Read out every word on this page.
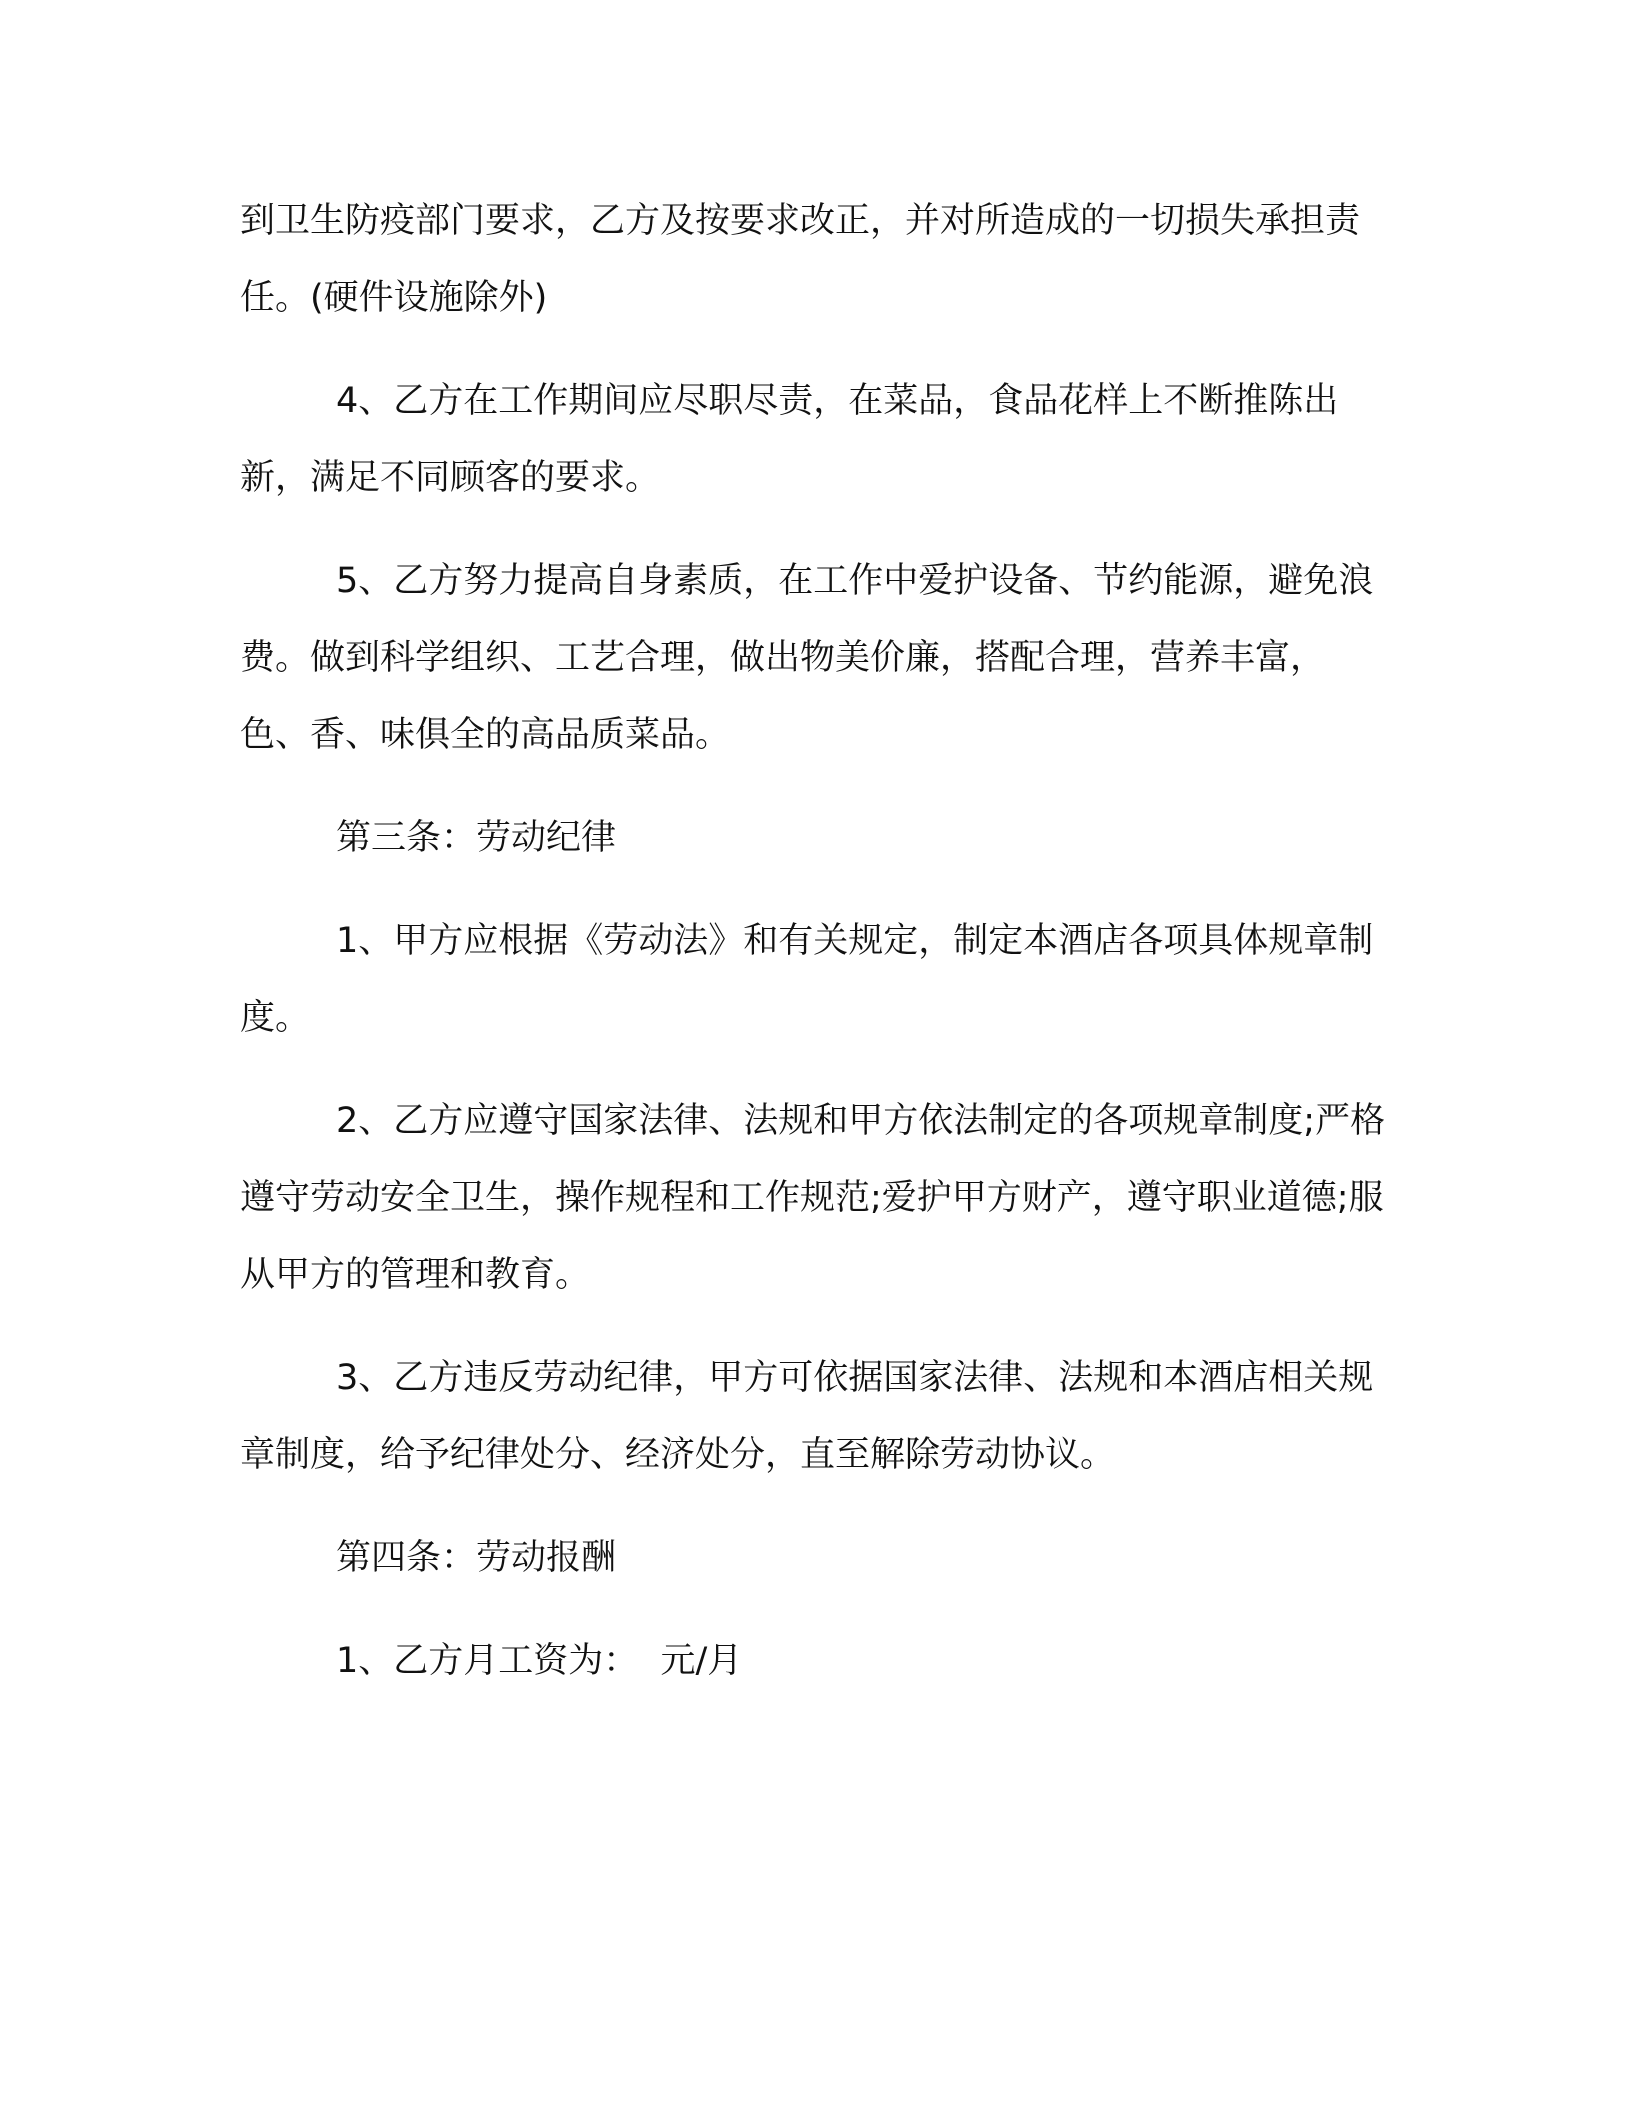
到卫生防疫部门要求，乙方及按要求改正，并对所造成的一切损失承担责任。(硬件设施除外)

4、乙方在工作期间应尽职尽责，在菜品，食品花样上不断推陈出新，满足不同顾客的要求。

5、乙方努力提高自身素质，在工作中爱护设备、节约能源，避免浪费。做到科学组织、工艺合理，做出物美价廉，搭配合理，营养丰富，色、香、味俱全的高品质菜品。

第三条：劳动纪律

1、甲方应根据《劳动法》和有关规定，制定本酒店各项具体规章制度。

2、乙方应遵守国家法律、法规和甲方依法制定的各项规章制度;严格遵守劳动安全卫生，操作规程和工作规范;爱护甲方财产，遵守职业道德;服从甲方的管理和教育。

3、乙方违反劳动纪律，甲方可依据国家法律、法规和本酒店相关规章制度，给予纪律处分、经济处分，直至解除劳动协议。

第四条：劳动报酬

1、乙方月工资为：  元/月
